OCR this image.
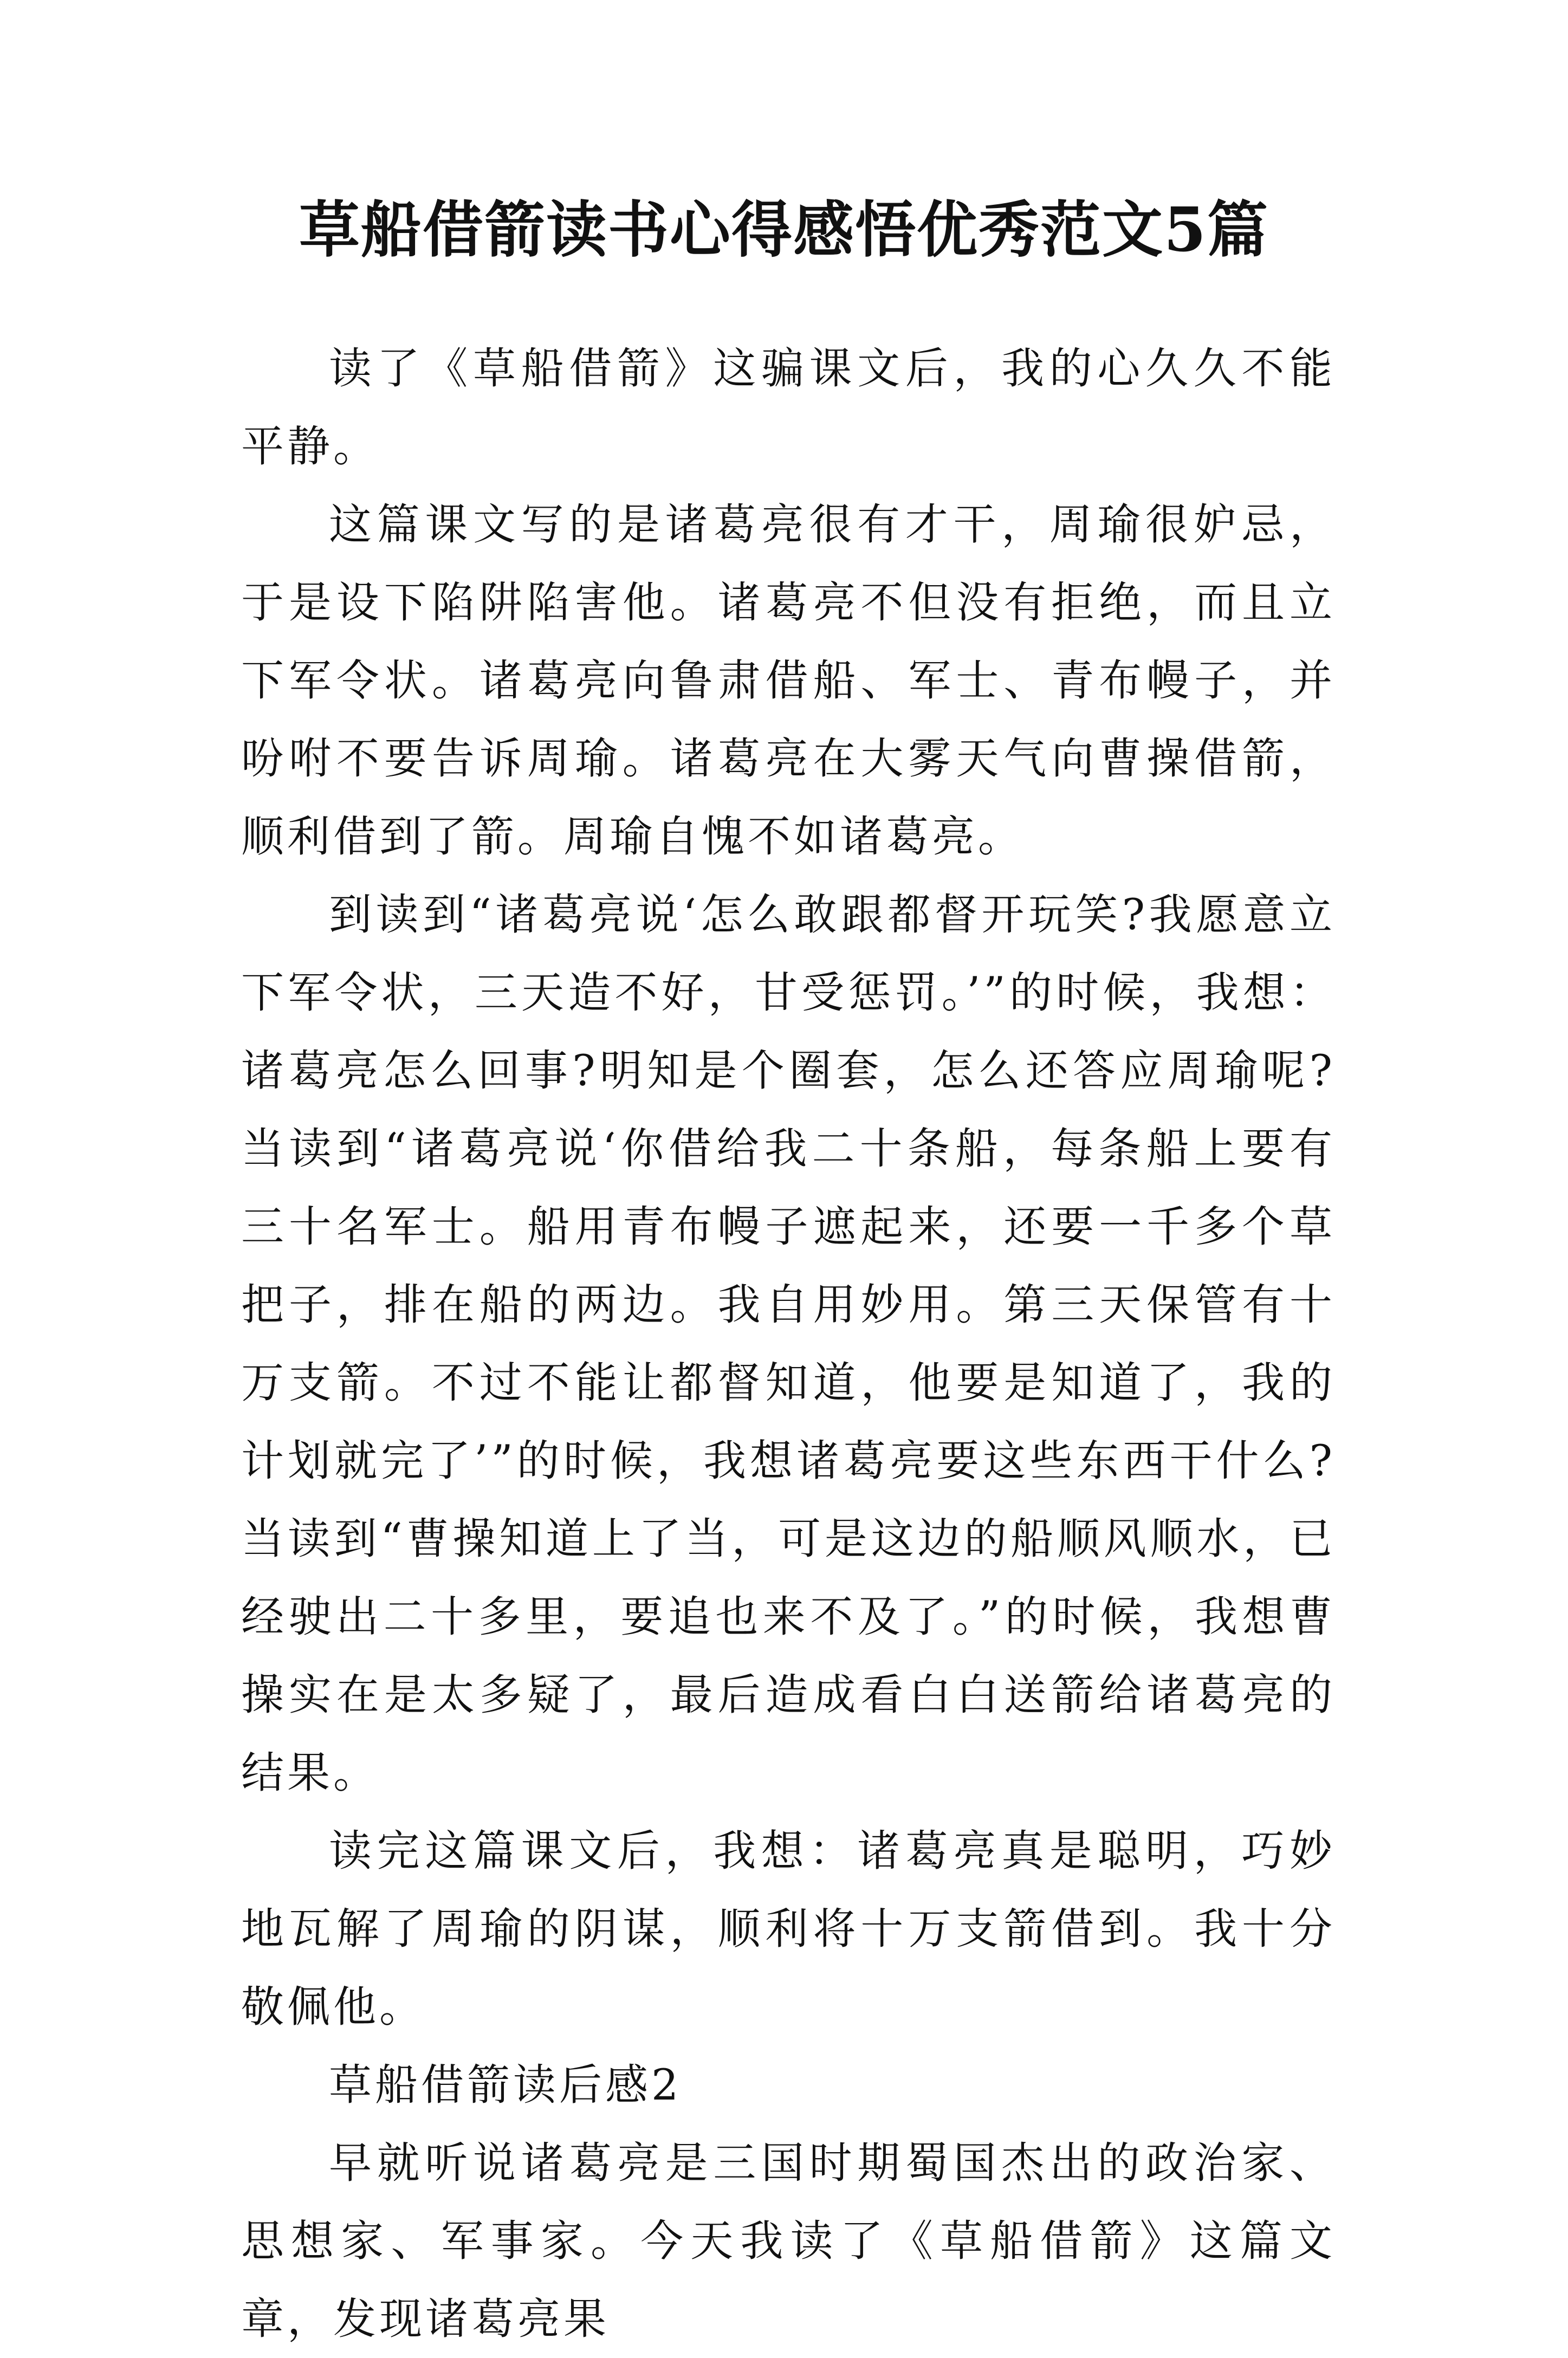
草船借箭读书心得感悟优秀范文5篇

读了《草船借箭》这骗课文后，我的心久久不能平静。

这篇课文写的是诸葛亮很有才干，周瑜很妒忌，于是设下陷阱陷害他。诸葛亮不但没有拒绝，而且立下军令状。诸葛亮向鲁肃借船、军士、青布幔子，并吩咐不要告诉周瑜。诸葛亮在大雾天气向曹操借箭，顺利借到了箭。周瑜自愧不如诸葛亮。

到读到“诸葛亮说‘怎么敢跟都督开玩笑?我愿意立下军令状，三天造不好，甘受惩罚。’”的时候，我想：诸葛亮怎么回事?明知是个圈套，怎么还答应周瑜呢?当读到“诸葛亮说‘你借给我二十条船，每条船上要有三十名军士。船用青布幔子遮起来，还要一千多个草把子，排在船的两边。我自用妙用。第三天保管有十万支箭。不过不能让都督知道，他要是知道了，我的计划就完了’”的时候，我想诸葛亮要这些东西干什么?当读到“曹操知道上了当，可是这边的船顺风顺水，已经驶出二十多里，要追也来不及了。”的时候，我想曹操实在是太多疑了，最后造成看白白送箭给诸葛亮的结果。

读完这篇课文后，我想：诸葛亮真是聪明，巧妙地瓦解了周瑜的阴谋，顺利将十万支箭借到。我十分敬佩他。

草船借箭读后感2

早就听说诸葛亮是三国时期蜀国杰出的政治家、思想家、军事家。今天我读了《草船借箭》这篇文章，发现诸葛亮果
